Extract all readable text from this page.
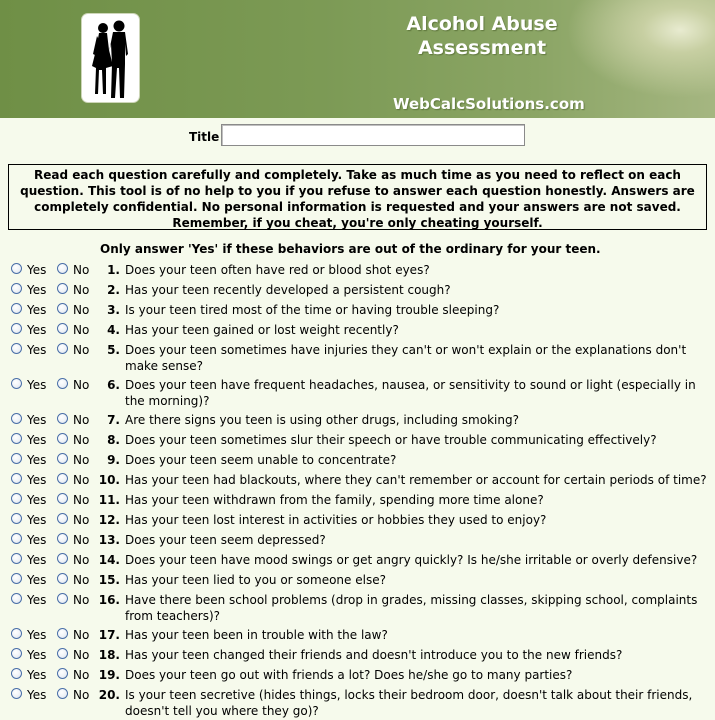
Alcohol Abuse
Assessment
WebCalcSolutions.com
Title
Read each question carefully and completely. Take as much time as you need to reflect on each question. This tool is of no help to you if you refuse to answer each question honestly. Answers are completely confidential. No personal information is requested and your answers are not saved. Remember, if you cheat, you're only cheating yourself.
Only answer 'Yes' if these behaviors are out of the ordinary for your teen.
Yes No	1. Does your teen often have red or blood shot eyes?
Yes No	2. Has your teen recently developed a persistent cough?
Yes No	3. Is your teen tired most of the time or having trouble sleeping?
Yes No	4. Has your teen gained or lost weight recently?
Yes No	5. Does your teen sometimes have injuries they can't or won't explain or the explanations don't make sense?
Yes No	6. Does your teen have frequent headaches, nausea, or sensitivity to sound or light (especially in the morning)?
Yes No	7. Are there signs you teen is using other drugs, including smoking?
Yes No	8. Does your teen sometimes slur their speech or have trouble communicating effectively?
Yes No	9. Does your teen seem unable to concentrate?
Yes No 10. Has your teen had blackouts, where they can't remember or account for certain periods of time?
Yes No 11. Has your teen withdrawn from the family, spending more time alone?
Yes No 12. Has your teen lost interest in activities or hobbies they used to enjoy?
Yes No 13. Does your teen seem depressed?
Yes No 14. Does your teen have mood swings or get angry quickly? Is he/she irritable or overly defensive?
Yes No 15. Has your teen lied to you or someone else?
Yes No 16. Have there been school problems (drop in grades, missing classes, skipping school, complaints from teachers)?
Yes No 17. Has your teen been in trouble with the law?
Yes No 18. Has your teen changed their friends and doesn't introduce you to the new friends?
Yes No 19. Does your teen go out with friends a lot? Does he/she go to many parties?
Yes No 20. Is your teen secretive (hides things, locks their bedroom door, doesn't talk about their friends, doesn't tell you where they go)?
